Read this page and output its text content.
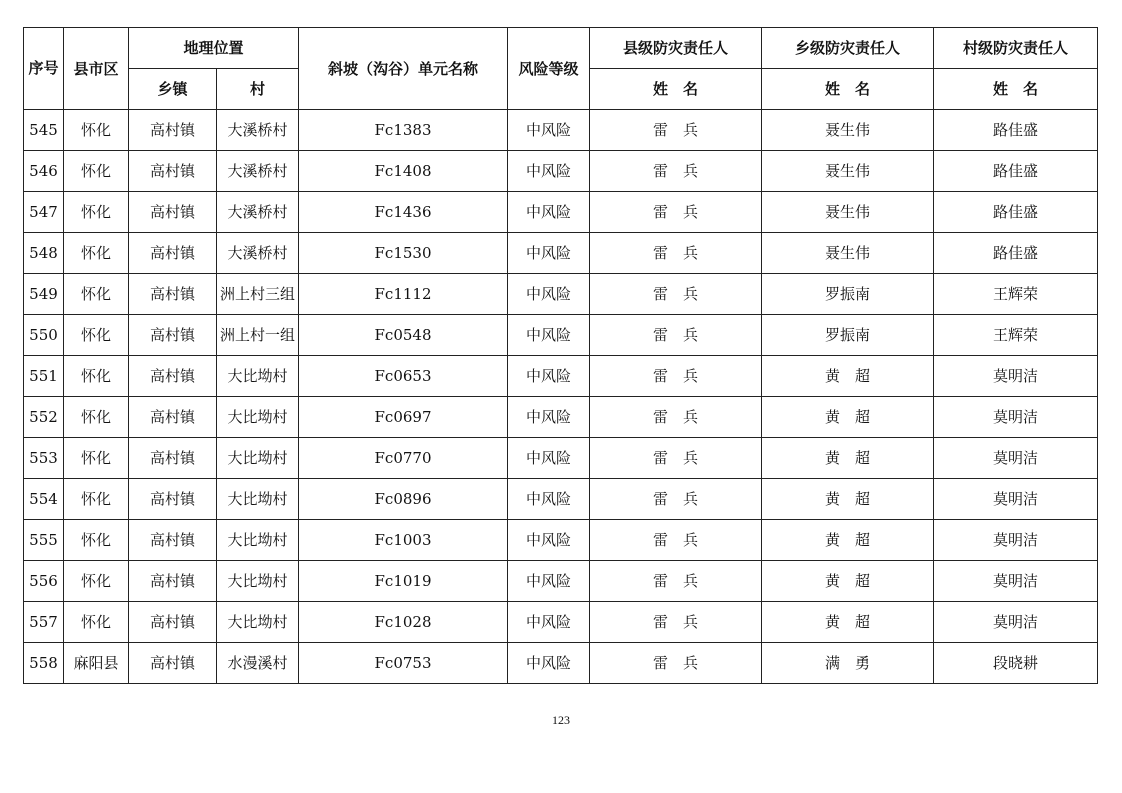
序号	县市区	地理位置		斜坡（沟谷）单元名称	风险等级	县级防灾责任人	乡级防灾责任人	村级防灾责任人
		乡镇	村			姓　名	姓　名	姓　名

545	怀化	高村镇	大溪桥村	Fc1383	中风险	雷　兵	聂生伟	路佳盛

546	怀化	高村镇	大溪桥村	Fc1408	中风险	雷　兵	聂生伟	路佳盛

547	怀化	高村镇	大溪桥村	Fc1436	中风险	雷　兵	聂生伟	路佳盛

548	怀化	高村镇	大溪桥村	Fc1530	中风险	雷　兵	聂生伟	路佳盛

549	怀化	高村镇	洲上村三组	Fc1112	中风险	雷　兵	罗振南	王辉荣

550	怀化	高村镇	洲上村一组	Fc0548	中风险	雷　兵	罗振南	王辉荣

551	怀化	高村镇	大比坳村	Fc0653	中风险	雷　兵	黄　超	莫明洁

552	怀化	高村镇	大比坳村	Fc0697	中风险	雷　兵	黄　超	莫明洁

553	怀化	高村镇	大比坳村	Fc0770	中风险	雷　兵	黄　超	莫明洁

554	怀化	高村镇	大比坳村	Fc0896	中风险	雷　兵	黄　超	莫明洁

555	怀化	高村镇	大比坳村	Fc1003	中风险	雷　兵	黄　超	莫明洁

556	怀化	高村镇	大比坳村	Fc1019	中风险	雷　兵	黄　超	莫明洁

557	怀化	高村镇	大比坳村	Fc1028	中风险	雷　兵	黄　超	莫明洁

558	麻阳县	高村镇	水漫溪村	Fc0753	中风险	雷　兵	满　勇	段晓耕
123
